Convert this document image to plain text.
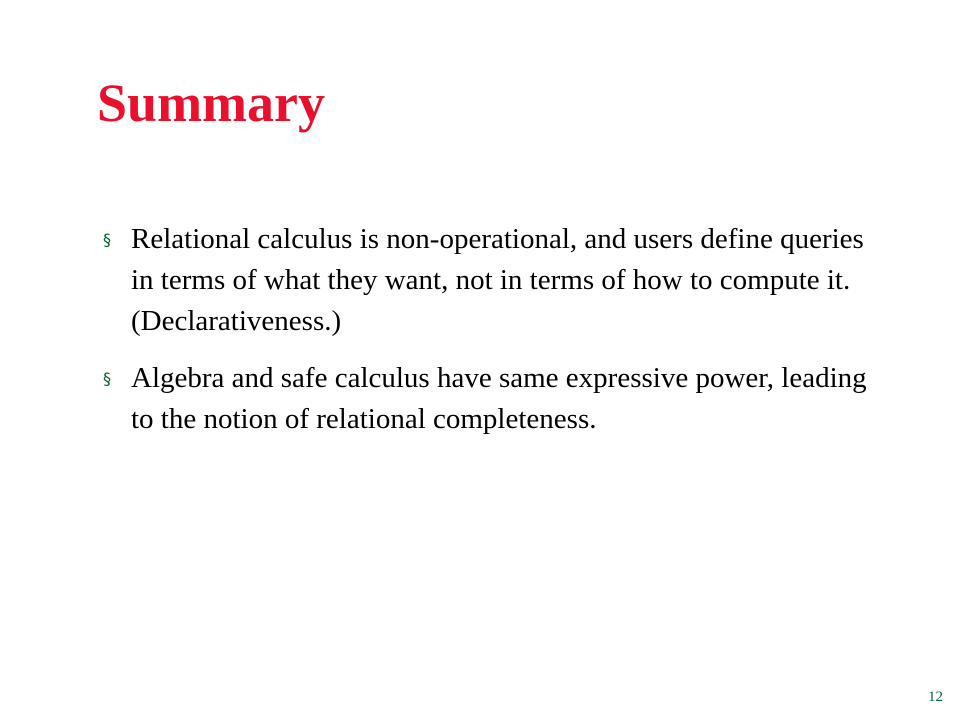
Summary
§ Relational calculus is non-operational, and users define queries in terms of what they want, not in terms of how to compute it. (Declarativeness.)
§ Algebra and safe calculus have same expressive power, leading to the notion of relational completeness.
12
